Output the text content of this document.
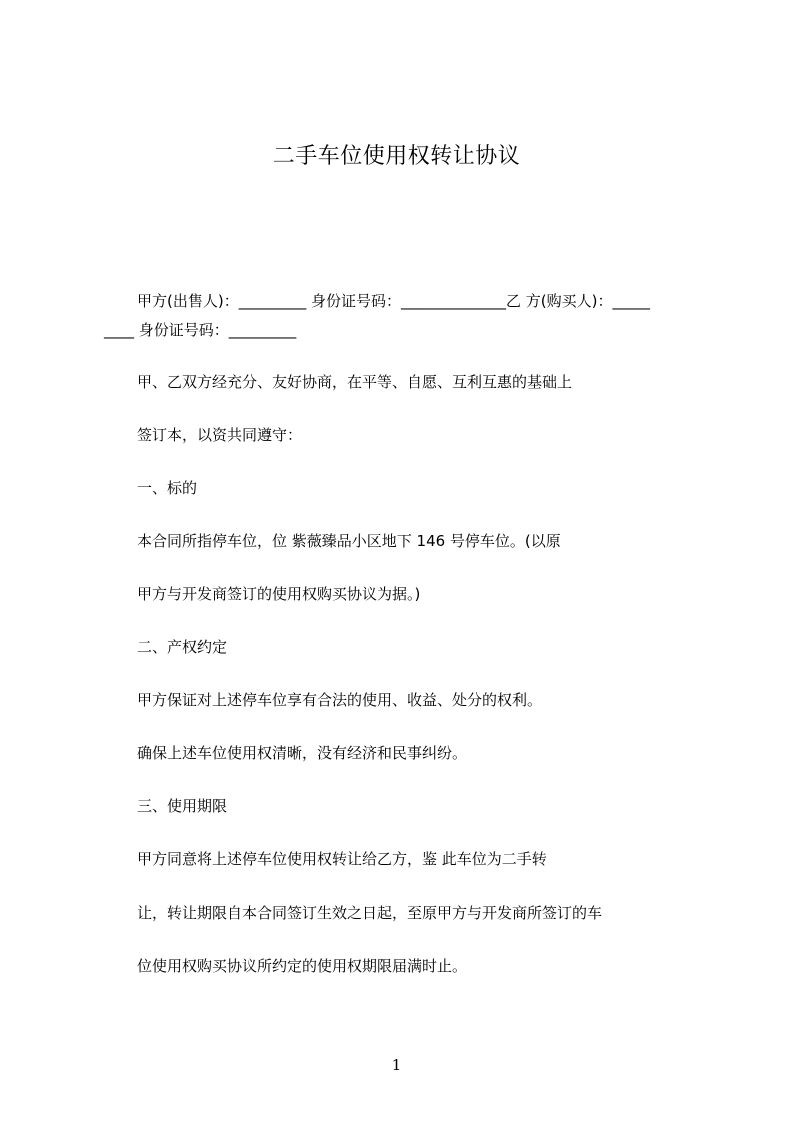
二手车位使用权转让协议
甲方(出售人)：_________ 身份证号码：______________乙 方(购买人)：_____
____ 身份证号码：_________
甲、乙双方经充分、友好协商，在平等、自愿、互利互惠的基础上
签订本，以资共同遵守：
一、标的
本合同所指停车位，位 紫薇臻品小区地下 146 号停车位。(以原
甲方与开发商签订的使用权购买协议为据。)
二、产权约定
甲方保证对上述停车位享有合法的使用、收益、处分的权利。
确保上述车位使用权清晰，没有经济和民事纠纷。
三、使用期限
甲方同意将上述停车位使用权转让给乙方，鉴 此车位为二手转
让，转让期限自本合同签订生效之日起，至原甲方与开发商所签订的车
位使用权购买协议所约定的使用权期限届满时止。
1
